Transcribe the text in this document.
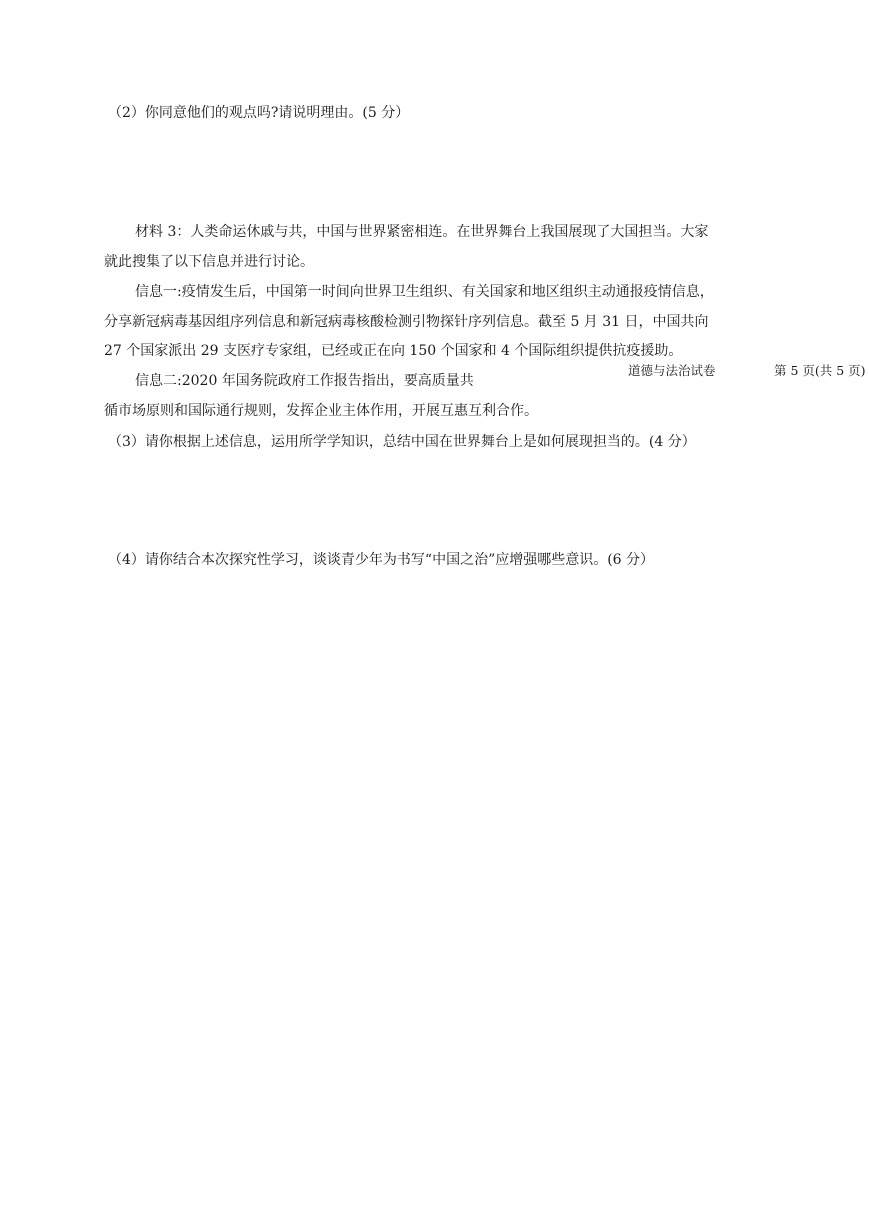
（2）你同意他们的观点吗?请说明理由。(5 分）
材料 3：人类命运休戚与共，中国与世界紧密相连。在世界舞台上我国展现了大国担当。大家
就此搜集了以下信息并进行讨论。
信息一:疫情发生后，中国第一时间向世界卫生组织、有关国家和地区组织主动通报疫情信息，
分享新冠病毒基因组序列信息和新冠病毒核酸检测引物探针序列信息。截至 5 月 31 日，中国共向
27 个国家派出 29 支医疗专家组，已经或正在向 150 个国家和 4 个国际组织提供抗疫援助。
信息二:2020 年国务院政府工作报告指出，要高质量共
循市场原则和国际通行规则，发挥企业主体作用，开展互惠互利合作。
道德与法治试卷	第 5 页(共 5 页)
（3）请你根据上述信息，运用所学学知识，总结中国在世界舞台上是如何展现担当的。(4 分）
（4）请你结合本次探究性学习，谈谈青少年为书写“中国之治”应增强哪些意识。(6 分）
